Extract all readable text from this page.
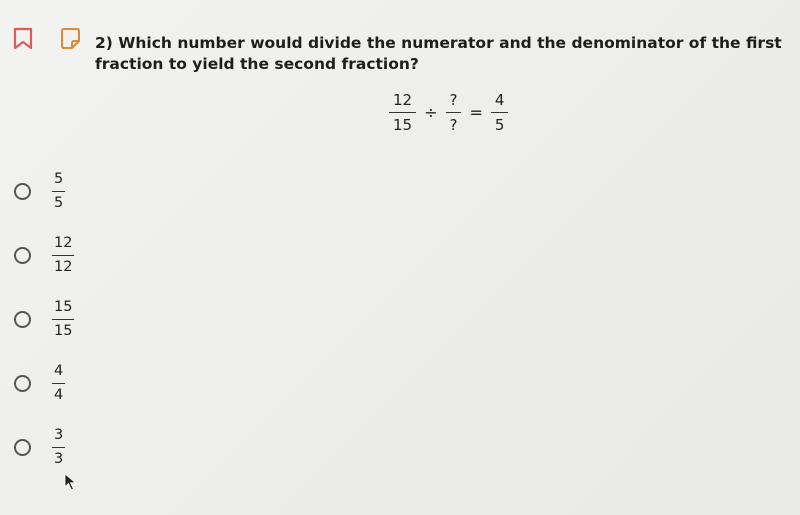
2) Which number would divide the numerator and the denominator of the first fraction to yield the second fraction?
$\frac{12}{15} \div \frac{?}{?} = \frac{4}{5}$
$\frac{5}{5}$
$\frac{12}{12}$
$\frac{15}{15}$
$\frac{4}{4}$
$\frac{3}{3}$
